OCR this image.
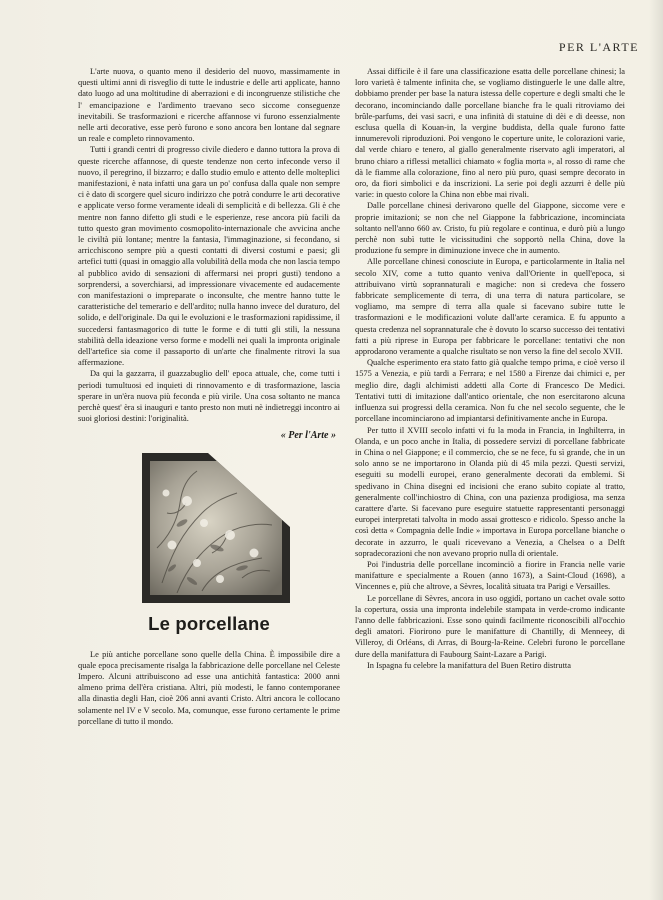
PER L'ARTE

L'arte nuova, o quanto meno il desiderio del nuovo, massimamente in questi ultimi anni di risveglio di tutte le industrie e delle arti applicate, hanno dato luogo ad una moltitudine di aberrazioni e di incongruenze stilistiche che l' emancipazione e l'ardimento traevano seco siccome conseguenze inevitabili. Se trasformazioni e ricerche affannose vi furono essenzialmente nelle arti decorative, esse però furono e sono ancora ben lontane dal segnare un reale e completo rinnovamento.

Tutti i grandi centri di progresso civile diedero e danno tuttora la prova di queste ricerche affannose, di queste tendenze non certo infeconde verso il nuovo, il peregrino, il bizzarro; e dallo studio emulo e attento delle molteplici manifestazioni, è nata infatti una gara un po' confusa dalla quale non sempre ci è dato di scorgere quel sicuro indirizzo che potrà condurre le arti decorative e applicate verso forme veramente ideali di semplicità e di bellezza. Gli è che mentre non fanno difetto gli studi e le esperienze, rese ancora più facili da tutto questo gran movimento cosmopolito-internazionale che avvicina anche le civiltà più lontane; mentre la fantasia, l'immaginazione, si fecondano, si arricchiscono sempre più a questi contatti di diversi costumi e paesi; gli artefici tutti (quasi in omaggio alla volubilità della moda che non lascia tempo al pubblico avido di sensazioni di affermarsi nei propri gusti) tendono a sorprendersi, a soverchiarsi, ad impressionare vivacemente ed audacemente con manifestazioni o impreparate o inconsulte, che mentre hanno tutte le caratteristiche del temerario e dell'ardito; nulla hanno invece del duraturo, del solido, e dell'originale. Da qui le evoluzioni e le trasformazioni rapidissime, il succedersi fantasmagorico di tutte le forme e di tutti gli stili, la nessuna stabilità della ideazione verso forme e modelli nei quali la impronta originale dell'artefice sia come il passaporto di un'arte che finalmente ritrovi la sua affermazione.

Da qui la gazzarra, il guazzabuglio dell' epoca attuale, che, come tutti i periodi tumultuosi ed inquieti di rinnovamento e di trasformazione, lascia sperare in un'èra nuova più feconda e più virile. Una cosa soltanto ne manca perchè quest' èra si inauguri e tanto presto non muti nè indietreggi incontro ai suoi gloriosi destini: l'originalità.

« Per l'Arte »
Le porcellane

Le più antiche porcellane sono quelle della China. È impossibile dire a quale epoca precisamente risalga la fabbricazione delle porcellane nel Celeste Impero. Alcuni attribuiscono ad esse una antichità fantastica: 2000 anni almeno prima dell'èra cristiana. Altri, più modesti, le fanno contemporanee alla dinastia degli Han, cioè 206 anni avanti Cristo. Altri ancora le collocano solamente nel IV e V secolo. Ma, comunque, esse furono certamente le prime porcellane di tutto il mondo.

Assai difficile è il fare una classificazione esatta delle porcellane chinesi; la loro varietà è talmente infinita che, se vogliamo distinguerle le une dalle altre, dobbiamo prender per base la natura istessa delle coperture e degli smalti che le decorano, incominciando dalle porcellane bianche fra le quali ritroviamo dei brûle-parfums, dei vasi sacri, e una infinità di statuine di dèi e di deesse, non esclusa quella di Kouan-in, la vergine buddista, della quale furono fatte innumerevoli riproduzioni. Poi vengono le coperture unite, le colorazioni varie, dal verde chiaro e tenero, al giallo generalmente riservato agli imperatori, al bruno chiaro a riflessi metallici chiamato « foglia morta », al rosso di rame che dà le fiamme alla colorazione, fino al nero più puro, quasi sempre decorato in oro, da fiori simbolici e da inscrizioni. La serie poi degli azzurri è delle più varie: in questo colore la China non ebbe mai rivali.

Dalle porcellane chinesi derivarono quelle del Giappone, siccome vere e proprie imitazioni; se non che nel Giappone la fabbricazione, incominciata soltanto nell'anno 660 av. Cristo, fu più regolare e continua, e durò più a lungo perchè non subì tutte le vicissitudini che sopportò nella China, dove la produzione fu sempre in diminuzione invece che in aumento.

Alle porcellane chinesi conosciute in Europa, e particolarmente in Italia nel secolo XIV, come a tutto quanto veniva dall'Oriente in quell'epoca, si attribuivano virtù soprannaturali e magiche: non si credeva che fossero fabbricate semplicemente di terra, di una terra di natura particolare, se vogliamo, ma sempre di terra alla quale si facevano subire tutte le trasformazioni e le modificazioni volute dall'arte ceramica. E fu appunto a questa credenza nel soprannaturale che è dovuto lo scarso successo dei tentativi fatti a più riprese in Europa per fabbricare le porcellane: tentativi che non approdarono veramente a qualche risultato se non verso la fine del secolo XVII.

Qualche esperimento era stato fatto già qualche tempo prima, e cioè verso il 1575 a Venezia, e più tardi a Ferrara; e nel 1580 a Firenze dai chimici e, per meglio dire, dagli alchimisti addetti alla Corte di Francesco De Medici. Tentativi tutti di imitazione dall'antico orientale, che non esercitarono alcuna influenza sui progressi della ceramica. Non fu che nel secolo seguente, che le porcellane incominciarono ad impiantarsi definitivamente anche in Europa.

Per tutto il XVIII secolo infatti vi fu la moda in Francia, in Inghilterra, in Olanda, e un poco anche in Italia, di possedere servizi di porcellane fabbricate in China o nel Giappone; e il commercio, che se ne fece, fu sì grande, che in un solo anno se ne importarono in Olanda più di 45 mila pezzi. Questi servizi, eseguiti su modelli europei, erano generalmente decorati da emblemi. Si spedivano in China disegni ed incisioni che erano subito copiate al tratto, generalmente coll'inchiostro di China, con una pazienza prodigiosa, ma senza carattere d'arte. Si facevano pure eseguire statuette rappresentanti personaggi europei interpretati talvolta in modo assai grottesco e ridicolo. Spesso anche la così detta « Compagnia delle Indie » importava in Europa porcellane bianche o decorate in azzurro, le quali ricevevano a Venezia, a Chelsea o a Delft sopradecorazioni che non avevano proprio nulla di orientale.

Poi l'industria delle porcellane incominciò a fiorire in Francia nelle varie manifatture e specialmente a Rouen (anno 1673), a Saint-Cloud (1698), a Vincennes e, più che altrove, a Sèvres, località situata tra Parigi e Versailles.

Le porcellane di Sèvres, ancora in uso oggidì, portano un cachet ovale sotto la copertura, ossia una impronta indelebile stampata in verde-cromo indicante l'anno delle fabbricazioni. Esse sono quindi facilmente riconoscibili all'occhio degli amatori. Fiorirono pure le manifatture di Chantilly, di Menneey, di Villeroy, di Orléans, di Arras, di Bourg-la-Reine. Celebri furono le porcellane dure della manifattura di Faubourg Saint-Lazare a Parigi.

In Ispagna fu celebre la manifattura del Buen Retiro distrutta
